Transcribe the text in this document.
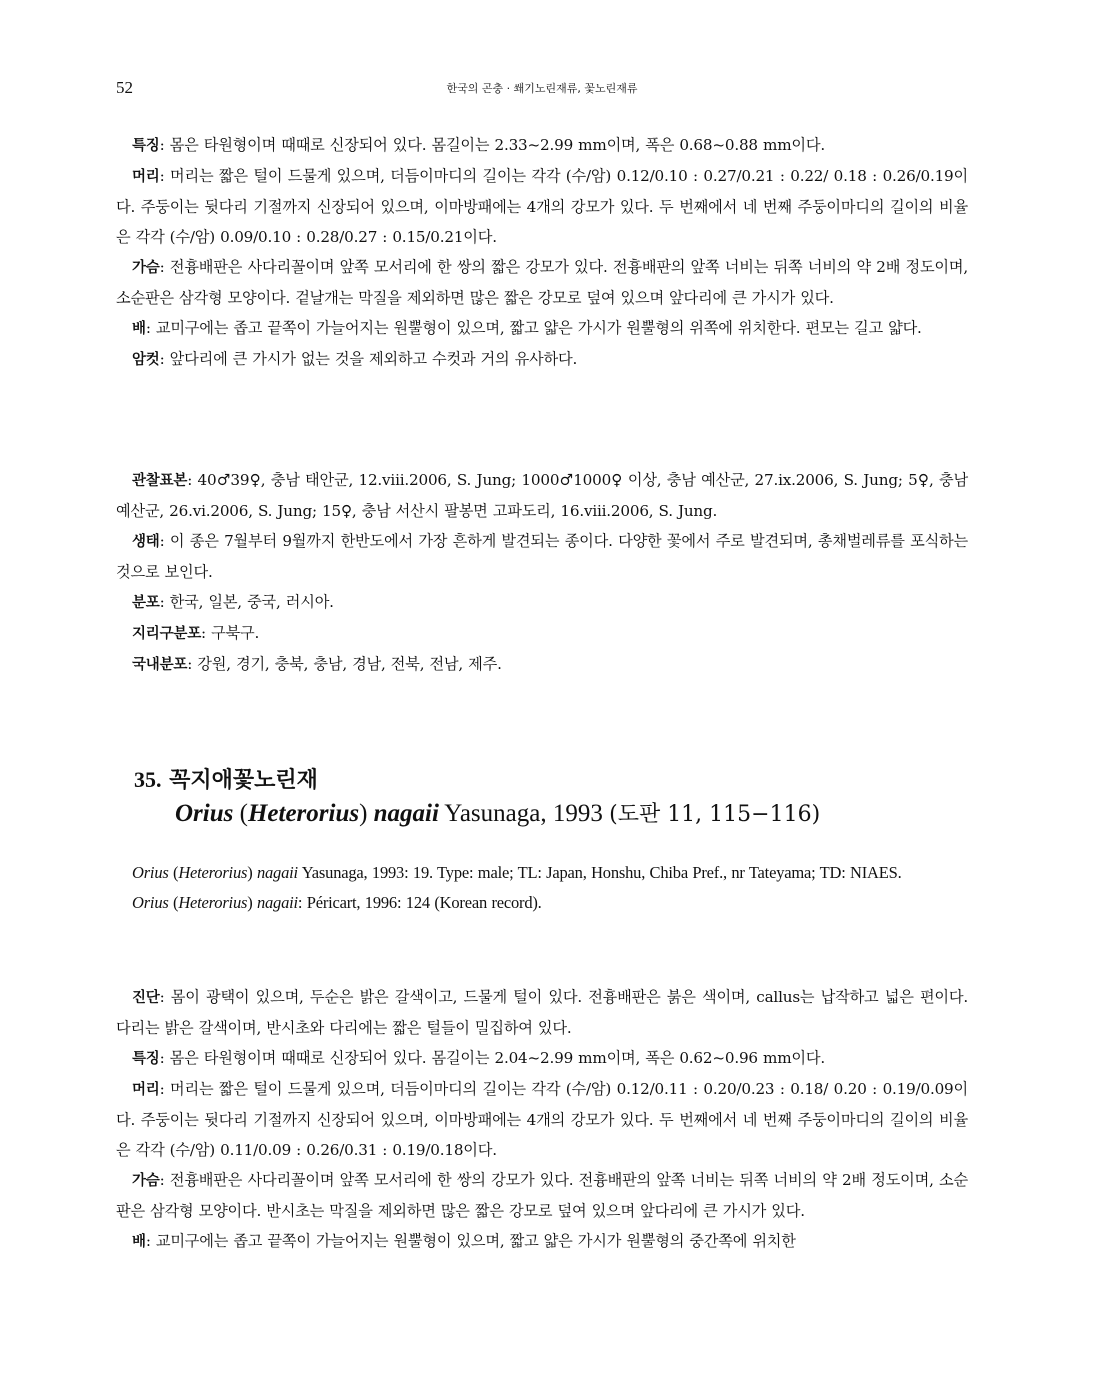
52	한국의 곤충 · 쐐기노린재류, 꽃노린재류

특징: 몸은 타원형이며 때때로 신장되어 있다. 몸길이는 2.33~2.99 mm이며, 폭은 0.68~0.88 mm이다.

머리: 머리는 짧은 털이 드물게 있으며, 더듬이마디의 길이는 각각 (수/암) 0.12/0.10 : 0.27/0.21 : 0.22/ 0.18 : 0.26/0.19이다. 주둥이는 뒷다리 기절까지 신장되어 있으며, 이마방패에는 4개의 강모가 있다. 두 번째에서 네 번째 주둥이마디의 길이의 비율은 각각 (수/암) 0.09/0.10 : 0.28/0.27 : 0.15/0.21이다.

가슴: 전흉배판은 사다리꼴이며 앞쪽 모서리에 한 쌍의 짧은 강모가 있다. 전흉배판의 앞쪽 너비는 뒤쪽 너비의 약 2배 정도이며, 소순판은 삼각형 모양이다. 겉날개는 막질을 제외하면 많은 짧은 강모로 덮여 있으며 앞다리에 큰 가시가 있다.

배: 교미구에는 좁고 끝쪽이 가늘어지는 원뿔형이 있으며, 짧고 얇은 가시가 원뿔형의 위쪽에 위치한다. 편모는 길고 얇다.

암컷: 앞다리에 큰 가시가 없는 것을 제외하고 수컷과 거의 유사하다.

관찰표본: 40♂39♀, 충남 태안군, 12.viii.2006, S. Jung; 1000♂1000♀ 이상, 충남 예산군, 27.ix.2006, S. Jung; 5♀, 충남 예산군, 26.vi.2006, S. Jung; 15♀, 충남 서산시 팔봉면 고파도리, 16.viii.2006, S. Jung.

생태: 이 종은 7월부터 9월까지 한반도에서 가장 흔하게 발견되는 종이다. 다양한 꽃에서 주로 발견되며, 총채벌레류를 포식하는 것으로 보인다.

분포: 한국, 일본, 중국, 러시아.

지리구분포: 구북구.

국내분포: 강원, 경기, 충북, 충남, 경남, 전북, 전남, 제주.

35. 꼭지애꽃노린재
Orius (Heterorius) nagaii Yasunaga, 1993 (도판 11, 115−116)

Orius (Heterorius) nagaii Yasunaga, 1993: 19. Type: male; TL: Japan, Honshu, Chiba Pref., nr Tateyama; TD: NIAES.

Orius (Heterorius) nagaii: Péricart, 1996: 124 (Korean record).

진단: 몸이 광택이 있으며, 두순은 밝은 갈색이고, 드물게 털이 있다. 전흉배판은 붉은 색이며, callus는 납작하고 넓은 편이다. 다리는 밝은 갈색이며, 반시초와 다리에는 짧은 털들이 밀집하여 있다.

특징: 몸은 타원형이며 때때로 신장되어 있다. 몸길이는 2.04~2.99 mm이며, 폭은 0.62~0.96 mm이다.

머리: 머리는 짧은 털이 드물게 있으며, 더듬이마디의 길이는 각각 (수/암) 0.12/0.11 : 0.20/0.23 : 0.18/ 0.20 : 0.19/0.09이다. 주둥이는 뒷다리 기절까지 신장되어 있으며, 이마방패에는 4개의 강모가 있다. 두 번째에서 네 번째 주둥이마디의 길이의 비율은 각각 (수/암) 0.11/0.09 : 0.26/0.31 : 0.19/0.18이다.

가슴: 전흉배판은 사다리꼴이며 앞쪽 모서리에 한 쌍의 강모가 있다. 전흉배판의 앞쪽 너비는 뒤쪽 너비의 약 2배 정도이며, 소순판은 삼각형 모양이다. 반시초는 막질을 제외하면 많은 짧은 강모로 덮여 있으며 앞다리에 큰 가시가 있다.

배: 교미구에는 좁고 끝쪽이 가늘어지는 원뿔형이 있으며, 짧고 얇은 가시가 원뿔형의 중간쪽에 위치한
